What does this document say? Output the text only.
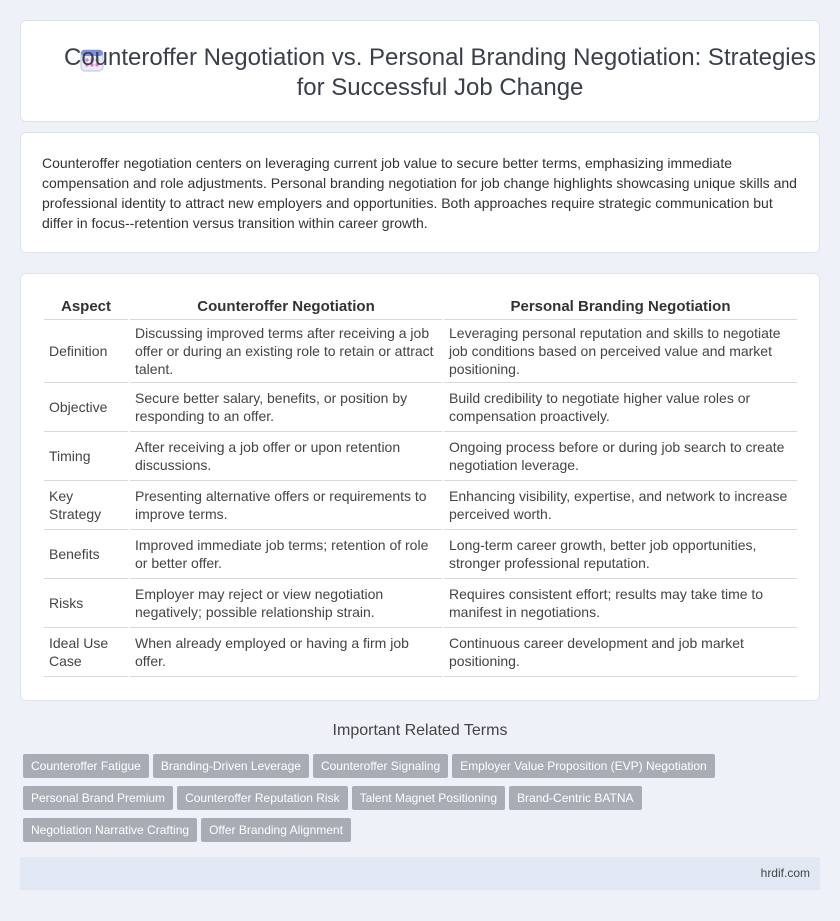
Counteroffer Negotiation vs. Personal Branding Negotiation: Strategies for Successful Job Change

Counteroffer negotiation centers on leveraging current job value to secure better terms, emphasizing immediate compensation and role adjustments. Personal branding negotiation for job change highlights showcasing unique skills and professional identity to attract new employers and opportunities. Both approaches require strategic communication but differ in focus--retention versus transition within career growth.

Aspect	Counteroffer Negotiation	Personal Branding Negotiation
Definition	Discussing improved terms after receiving a job offer or during an existing role to retain or attract talent.	Leveraging personal reputation and skills to negotiate job conditions based on perceived value and market positioning.
Objective	Secure better salary, benefits, or position by responding to an offer.	Build credibility to negotiate higher value roles or compensation proactively.
Timing	After receiving a job offer or upon retention discussions.	Ongoing process before or during job search to create negotiation leverage.
Key Strategy	Presenting alternative offers or requirements to improve terms.	Enhancing visibility, expertise, and network to increase perceived worth.
Benefits	Improved immediate job terms; retention of role or better offer.	Long-term career growth, better job opportunities, stronger professional reputation.
Risks	Employer may reject or view negotiation negatively; possible relationship strain.	Requires consistent effort; results may take time to manifest in negotiations.
Ideal Use Case	When already employed or having a firm job offer.	Continuous career development and job market positioning.
Important Related Terms
Counteroffer Fatigue Branding-Driven Leverage Counteroffer Signaling Employer Value Proposition (EVP) Negotiation
Personal Brand Premium Counteroffer Reputation Risk Talent Magnet Positioning Brand-Centric BATNA
Negotiation Narrative Crafting Offer Branding Alignment
hrdif.com
